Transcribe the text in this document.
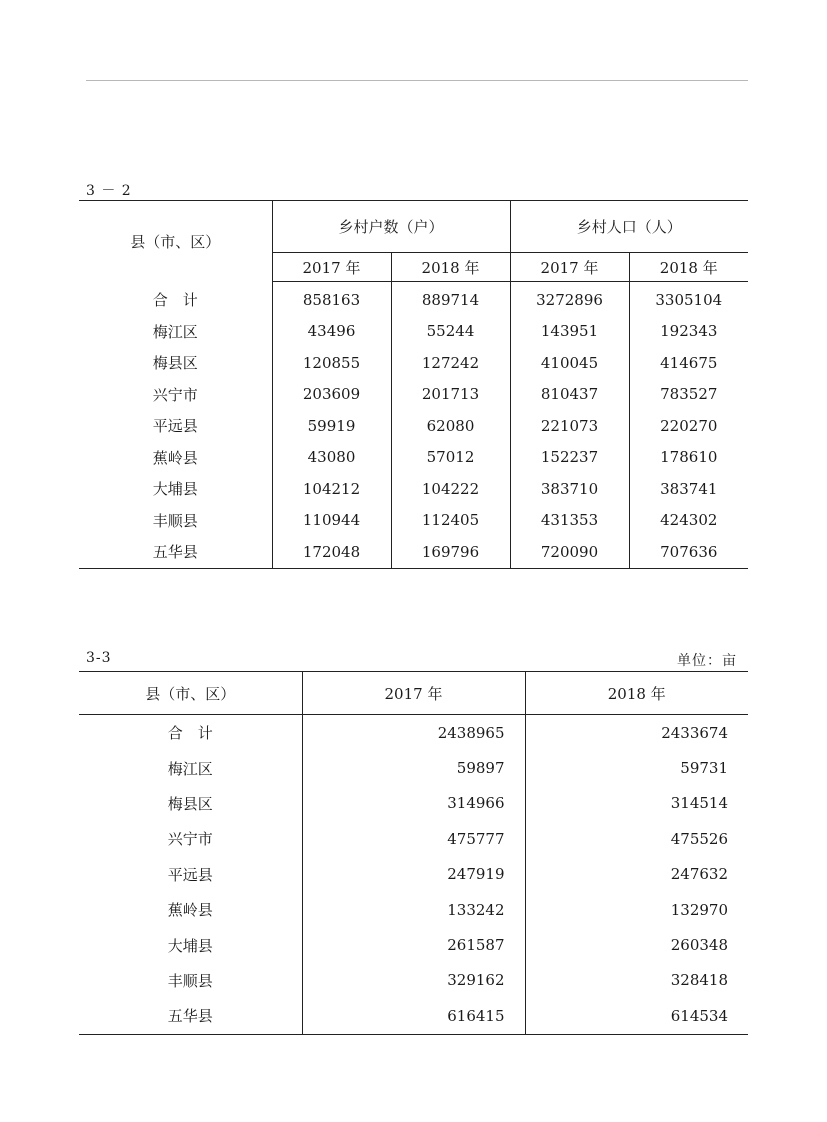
3 － 2
县（市、区）	乡村户数（户）		乡村人口（人）	
	2017 年	2018 年	2017 年	2018 年
合　计	858163	889714	3272896	3305104
梅江区	43496	55244	143951	192343
梅县区	120855	127242	410045	414675
兴宁市	203609	201713	810437	783527
平远县	59919	62080	221073	220270
蕉岭县	43080	57012	152237	178610
大埔县	104212	104222	383710	383741
丰顺县	110944	112405	431353	424302
五华县	172048	169796	720090	707636
3-3	单位：亩
县（市、区）	2017 年	2018 年
合　计	2438965	2433674
梅江区	59897	59731
梅县区	314966	314514
兴宁市	475777	475526
平远县	247919	247632
蕉岭县	133242	132970
大埔县	261587	260348
丰顺县	329162	328418
五华县	616415	614534
